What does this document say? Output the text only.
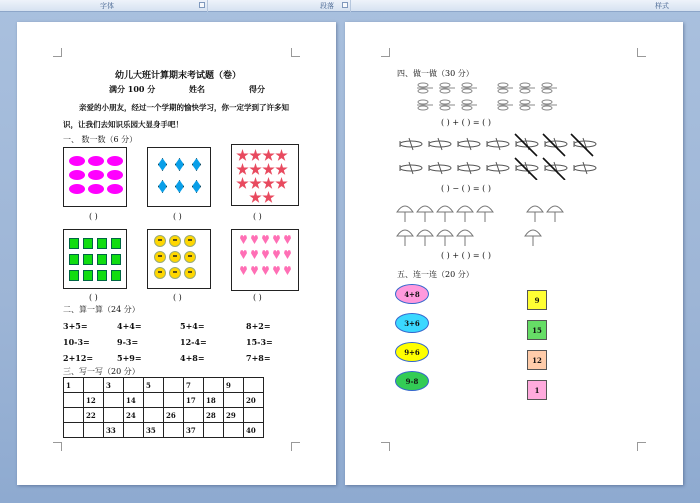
字体	段落	样式
幼儿大班计算期末考试题（卷）
满分 100 分	姓名	得分
亲爱的小朋友，经过一个学期的愉快学习，你一定学到了许多知
识，让我们去知识乐园大显身手吧！
一、 数一数（6 分）
( )	( )	( )
( )	( )	( )
二、算一算（24 分）
3+5=	4+4=	5+4=	8+2=
10-3=	9-3=	12-4=	15-3=
2+12=	5+9=	4+8=	7+8=
三、写一写（20 分）
1		3		5		7		9	
	12		14			17	18		20
	22		24		26		28	29	
		33		35		37			40
四、做一做（30 分）
( ) + ( ) = ( )
( ) − ( ) = ( )
( ) + ( ) = ( )
五、连一连（20 分）
4+8
3+6
9+6
9-8
9
15
12
1
